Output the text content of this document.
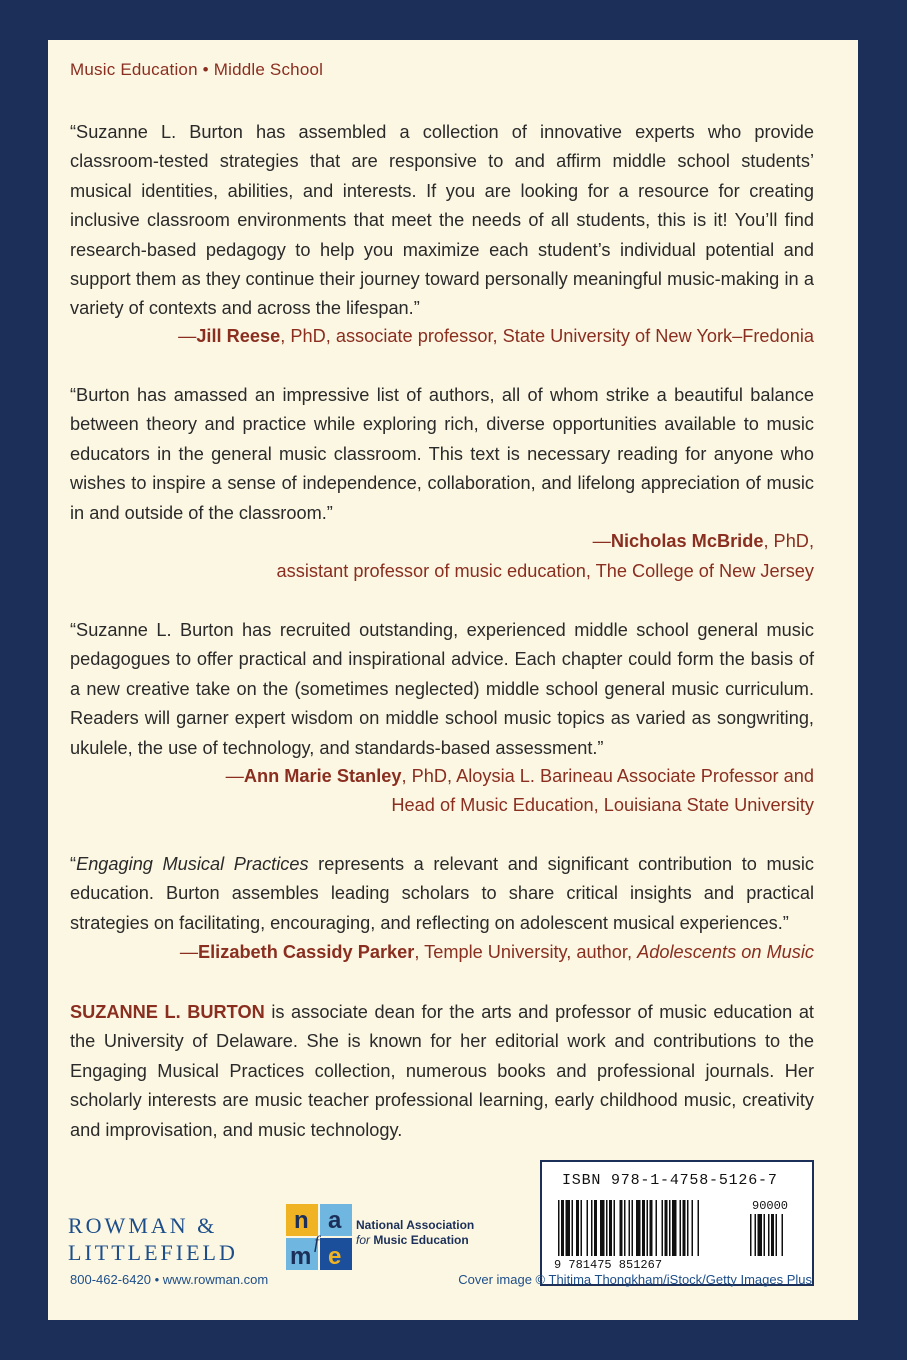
Music Education • Middle School
“Suzanne L. Burton has assembled a collection of innovative experts who provide classroom-tested strategies that are responsive to and affirm middle school students’ musical identities, abilities, and interests. If you are looking for a resource for creating inclusive classroom environments that meet the needs of all students, this is it! You’ll find research-based pedagogy to help you maximize each student’s individual potential and support them as they continue their journey toward personally meaningful music-making in a variety of contexts and across the lifespan.”
—Jill Reese, PhD, associate professor, State University of New York–Fredonia
“Burton has amassed an impressive list of authors, all of whom strike a beautiful balance between theory and practice while exploring rich, diverse opportunities available to music educators in the general music classroom. This text is necessary reading for anyone who wishes to inspire a sense of independence, collaboration, and lifelong appreciation of music in and outside of the classroom.”
—Nicholas McBride, PhD,
assistant professor of music education, The College of New Jersey
“Suzanne L. Burton has recruited outstanding, experienced middle school general music pedagogues to offer practical and inspirational advice. Each chapter could form the basis of a new creative take on the (sometimes neglected) middle school general music curriculum. Readers will garner expert wisdom on middle school music topics as varied as songwriting, ukulele, the use of technology, and standards-based assessment.”
—Ann Marie Stanley, PhD, Aloysia L. Barineau Associate Professor and
Head of Music Education, Louisiana State University
“Engaging Musical Practices represents a relevant and significant contribution to music education. Burton assembles leading scholars to share critical insights and practical strategies on facilitating, encouraging, and reflecting on adolescent musical experiences.”
—Elizabeth Cassidy Parker, Temple University, author, Adolescents on Music
SUZANNE L. BURTON is associate dean for the arts and professor of music education at the University of Delaware. She is known for her editorial work and contributions to the Engaging Musical Practices collection, numerous books and professional journals. Her scholarly interests are music teacher professional learning, early childhood music, creativity and improvisation, and music technology.
ROWMAN &
LITTLEFIELD
800-462-6420 • www.rowman.com
n a
f
m e
National Association
for Music Education
ISBN 978-1-4758-5126-7
90000
9 781475 851267
Cover image © Thitima Thongkham/iStock/Getty Images Plus
